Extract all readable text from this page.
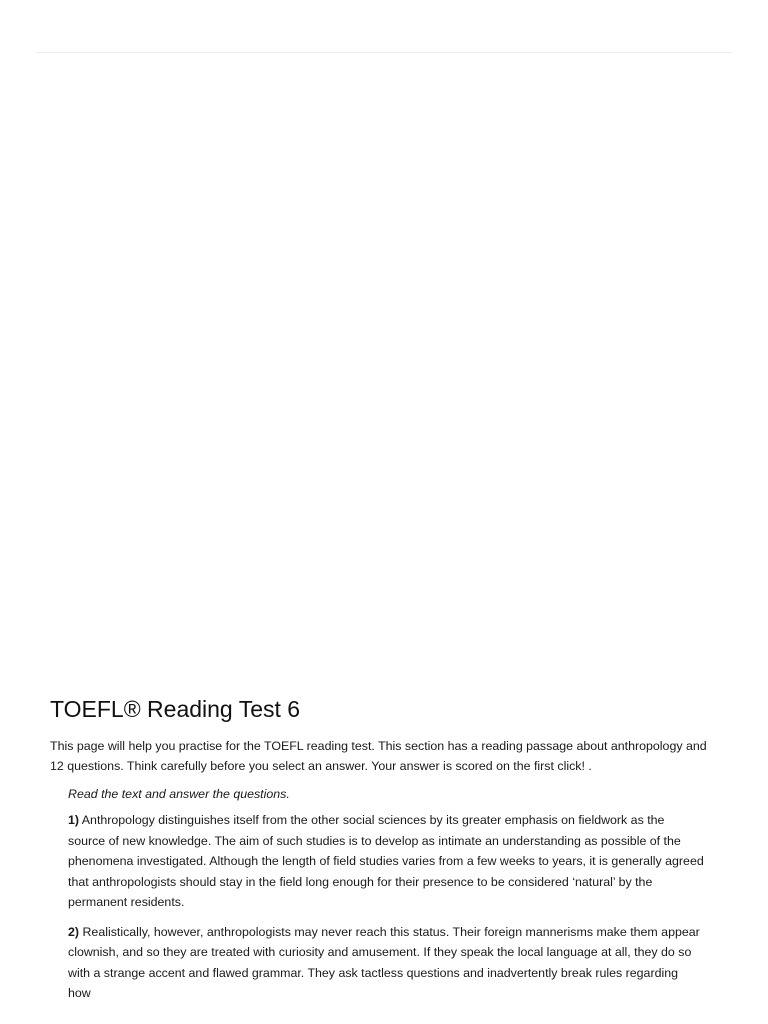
TOEFL® Reading Test 6

This page will help you practise for the TOEFL reading test. This section has a reading passage about anthropology and 12 questions. Think carefully before you select an answer. Your answer is scored on the first click! .

Read the text and answer the questions.

1) Anthropology distinguishes itself from the other social sciences by its greater emphasis on fieldwork as the source of new knowledge. The aim of such studies is to develop as intimate an understanding as possible of the phenomena investigated. Although the length of field studies varies from a few weeks to years, it is generally agreed that anthropologists should stay in the field long enough for their presence to be considered ‘natural’ by the permanent residents.

2) Realistically, however, anthropologists may never reach this status. Their foreign mannerisms make them appear clownish, and so they are treated with curiosity and amusement. If they speak the local language at all, they do so with a strange accent and flawed grammar. They ask tactless questions and inadvertently break rules regarding how
